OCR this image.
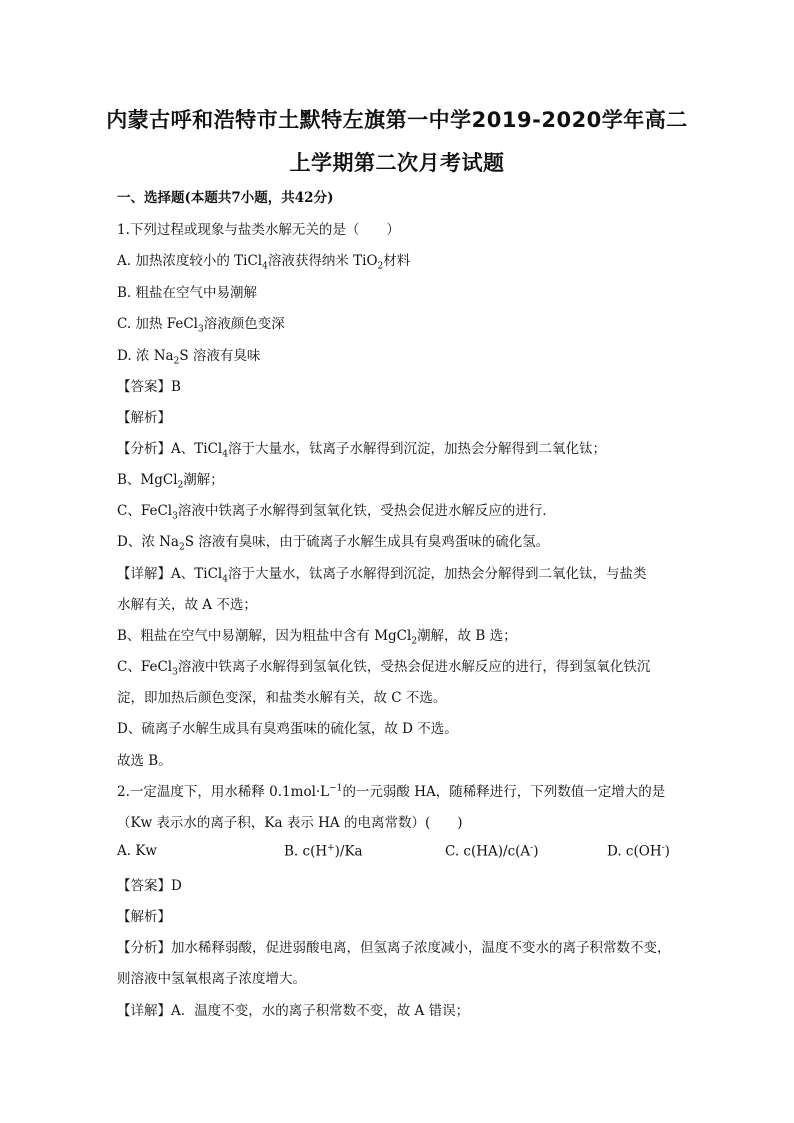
内蒙古呼和浩特市土默特左旗第一中学2019-2020学年高二
上学期第二次月考试题
一、选择题(本题共7小题，共42分)
1.下列过程或现象与盐类水解无关的是（　　）
A. 加热浓度较小的 TiCl$_4$溶液获得纳米 TiO$_2$材料
B. 粗盐在空气中易潮解
C. 加热 FeCl$_3$溶液颜色变深
D. 浓 $Na_2S$ 溶液有臭味
【答案】B
【解析】
【分析】A、TiCl$_4$溶于大量水，钛离子水解得到沉淀，加热会分解得到二氧化钛；
B、MgCl$_2$潮解；
C、FeCl$_3$溶液中铁离子水解得到氢氧化铁，受热会促进水解反应的进行．
D、浓 $Na_2S$ 溶液有臭味，由于硫离子水解生成具有臭鸡蛋味的硫化氢。
【详解】A、TiCl$_4$溶于大量水，钛离子水解得到沉淀，加热会分解得到二氧化钛，与盐类
水解有关，故 A 不选；
B、粗盐在空气中易潮解，因为粗盐中含有 MgCl$_2$潮解，故 B 选；
C、FeCl$_3$溶液中铁离子水解得到氢氧化铁，受热会促进水解反应的进行，得到氢氧化铁沉
淀，即加热后颜色变深，和盐类水解有关，故 C 不选。
D、硫离子水解生成具有臭鸡蛋味的硫化氢，故 D 不选。
故选 B。
2.一定温度下，用水稀释 $0.1mol\cdot L^{-1}$的一元弱酸 HA，随稀释进行，下列数值一定增大的是
（Kw 表示水的离子积，Ka 表示 HA 的电离常数）(　　)
A. Kw	B. c(H+)/Ka	C. c(HA)/c(A-)	D. c(OH-)
【答案】D
【解析】
【分析】加水稀释弱酸，促进弱酸电离，但氢离子浓度减小，温度不变水的离子积常数不变，
则溶液中氢氧根离子浓度增大。
【详解】A．温度不变，水的离子积常数不变，故 A 错误；
